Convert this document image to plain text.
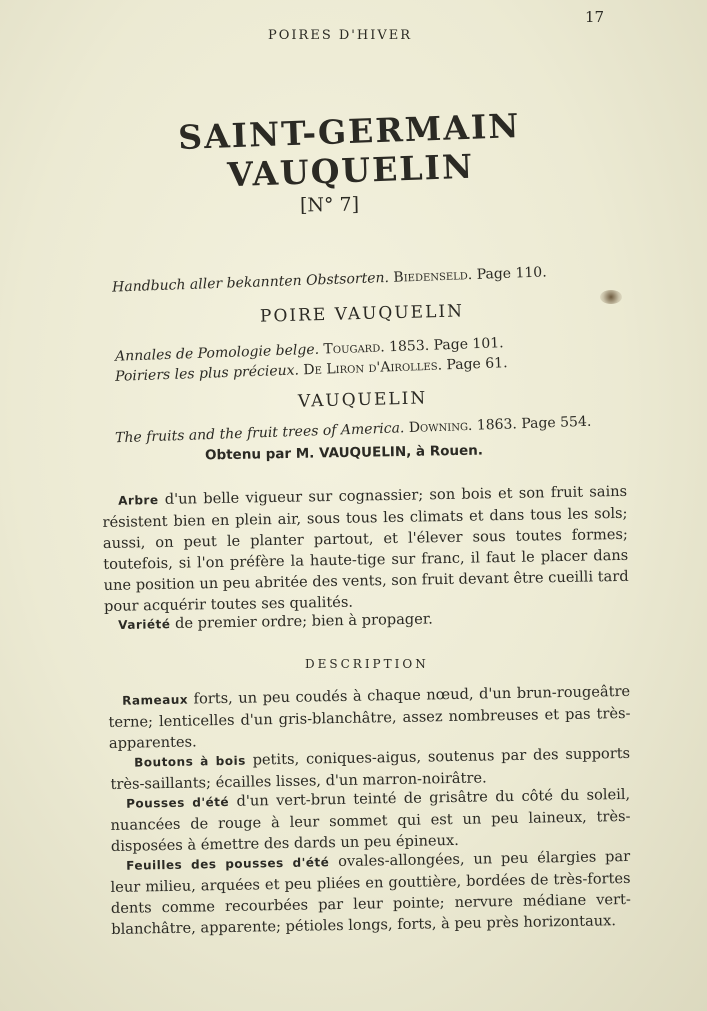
POIRES D'HIVER
17
SAINT-GERMAIN VAUQUELIN
[N° 7]
Handbuch aller bekannten Obstsorten. Biedenseld. Page 110.
POIRE VAUQUELIN
Annales de Pomologie belge. Tougard. 1853. Page 101.
Poiriers les plus précieux. De Liron d'Airolles. Page 61.
VAUQUELIN
The fruits and the fruit trees of America. Downing. 1863. Page 554.
Obtenu par M. VAUQUELIN, à Rouen.
Arbre d'un belle vigueur sur cognassier; son bois et son fruit sains résistent bien en plein air, sous tous les climats et dans tous les sols; aussi, on peut le planter partout, et l'élever sous toutes formes; toutefois, si l'on préfère la haute-tige sur franc, il faut le placer dans une position un peu abritée des vents, son fruit devant être cueilli tard pour acquérir toutes ses qualités.
Variété de premier ordre; bien à propager.
DESCRIPTION
Rameaux forts, un peu coudés à chaque nœud, d'un brun-rougeâtre terne; lenticelles d'un gris-blanchâtre, assez nombreuses et pas très-apparentes.
Boutons à bois petits, coniques-aigus, soutenus par des supports très-saillants; écailles lisses, d'un marron-noirâtre.
Pousses d'été d'un vert-brun teinté de grisâtre du côté du soleil, nuancées de rouge à leur sommet qui est un peu laineux, très-disposées à émettre des dards un peu épineux.
Feuilles des pousses d'été ovales-allongées, un peu élargies par leur milieu, arquées et peu pliées en gouttière, bordées de très-fortes dents comme recourbées par leur pointe; nervure médiane vert-blanchâtre, apparente; pétioles longs, forts, à peu près horizontaux.
